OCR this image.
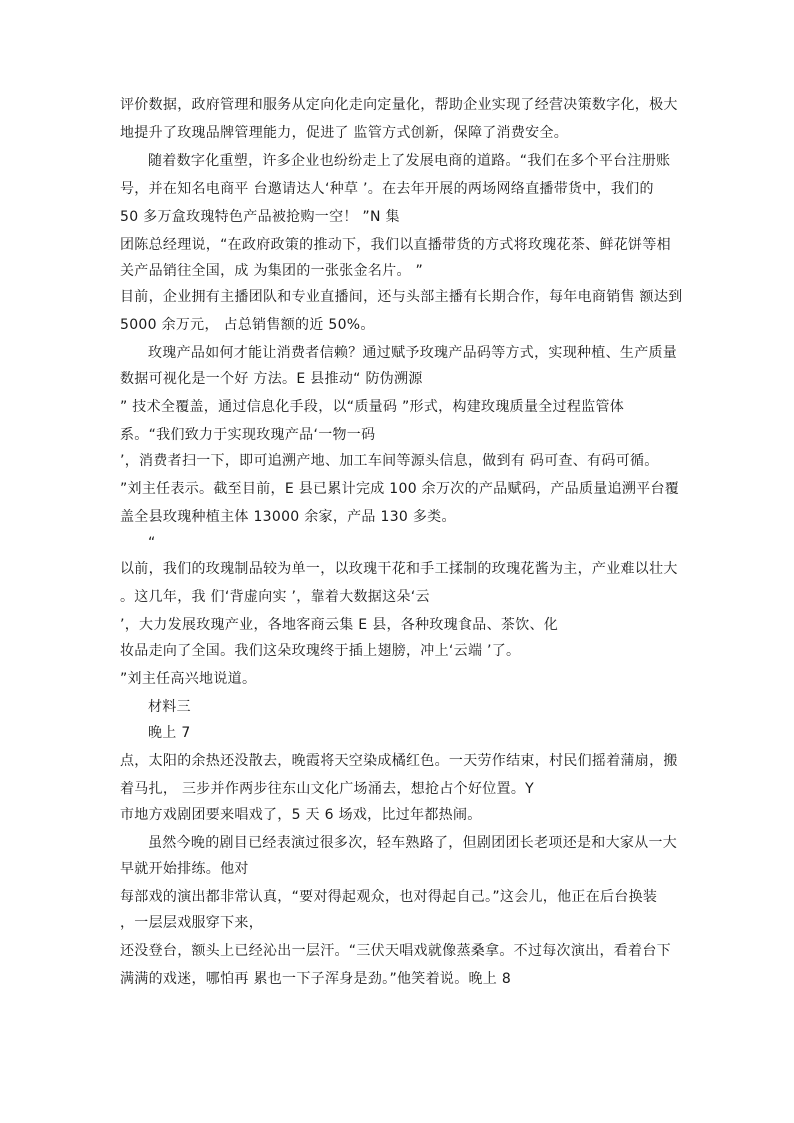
评价数据，政府管理和服务从定向化走向定量化，帮助企业实现了经营决策数字化，极大
地提升了玫瑰品牌管理能力，促进了 监管方式创新，保障了消费安全。
随着数字化重塑，许多企业也纷纷走上了发展电商的道路。“我们在多个平台注册账
号，并在知名电商平 台邀请达人‘种草 ’。在去年开展的两场网络直播带货中，我们的
50 多万盒玫瑰特色产品被抢购一空！ ”N 集
团陈总经理说，“在政府政策的推动下，我们以直播带货的方式将玫瑰花茶、鲜花饼等相
关产品销往全国，成 为集团的一张张金名片。 ”
目前，企业拥有主播团队和专业直播间，还与头部主播有长期合作，每年电商销售 额达到
5000 余万元， 占总销售额的近 50%。
玫瑰产品如何才能让消费者信赖？通过赋予玫瑰产品码等方式，实现种植、生产质量
数据可视化是一个好 方法。E 县推动“ 防伪溯源
” 技术全覆盖，通过信息化手段，以“质量码 ”形式，构建玫瑰质量全过程监管体
系。“我们致力于实现玫瑰产品‘一物一码
’，消费者扫一下，即可追溯产地、加工车间等源头信息，做到有 码可查、有码可循。
”刘主任表示。截至目前，E 县已累计完成 100 余万次的产品赋码，产品质量追溯平台覆
盖全县玫瑰种植主体 13000 余家，产品 130 多类。
“
以前，我们的玫瑰制品较为单一，以玫瑰干花和手工揉制的玫瑰花酱为主，产业难以壮大
。这几年，我 们‘背虚向实 ’，靠着大数据这朵‘云
’，大力发展玫瑰产业，各地客商云集 E 县，各种玫瑰食品、茶饮、化
妆品走向了全国。我们这朵玫瑰终于插上翅膀，冲上‘云端 ’了。
”刘主任高兴地说道。
材料三
晚上 7
点，太阳的余热还没散去，晚霞将天空染成橘红色。一天劳作结束，村民们摇着蒲扇，搬
着马扎， 三步并作两步往东山文化广场涌去，想抢占个好位置。Y
市地方戏剧团要来唱戏了，5 天 6 场戏，比过年都热闹。
虽然今晚的剧目已经表演过很多次，轻车熟路了，但剧团团长老项还是和大家从一大
早就开始排练。他对
每部戏的演出都非常认真，“要对得起观众，也对得起自己。”这会儿，他正在后台换装
，一层层戏服穿下来，
还没登台，额头上已经沁出一层汗。“三伏天唱戏就像蒸桑拿。不过每次演出，看着台下
满满的戏迷，哪怕再 累也一下子浑身是劲。”他笑着说。晚上 8
